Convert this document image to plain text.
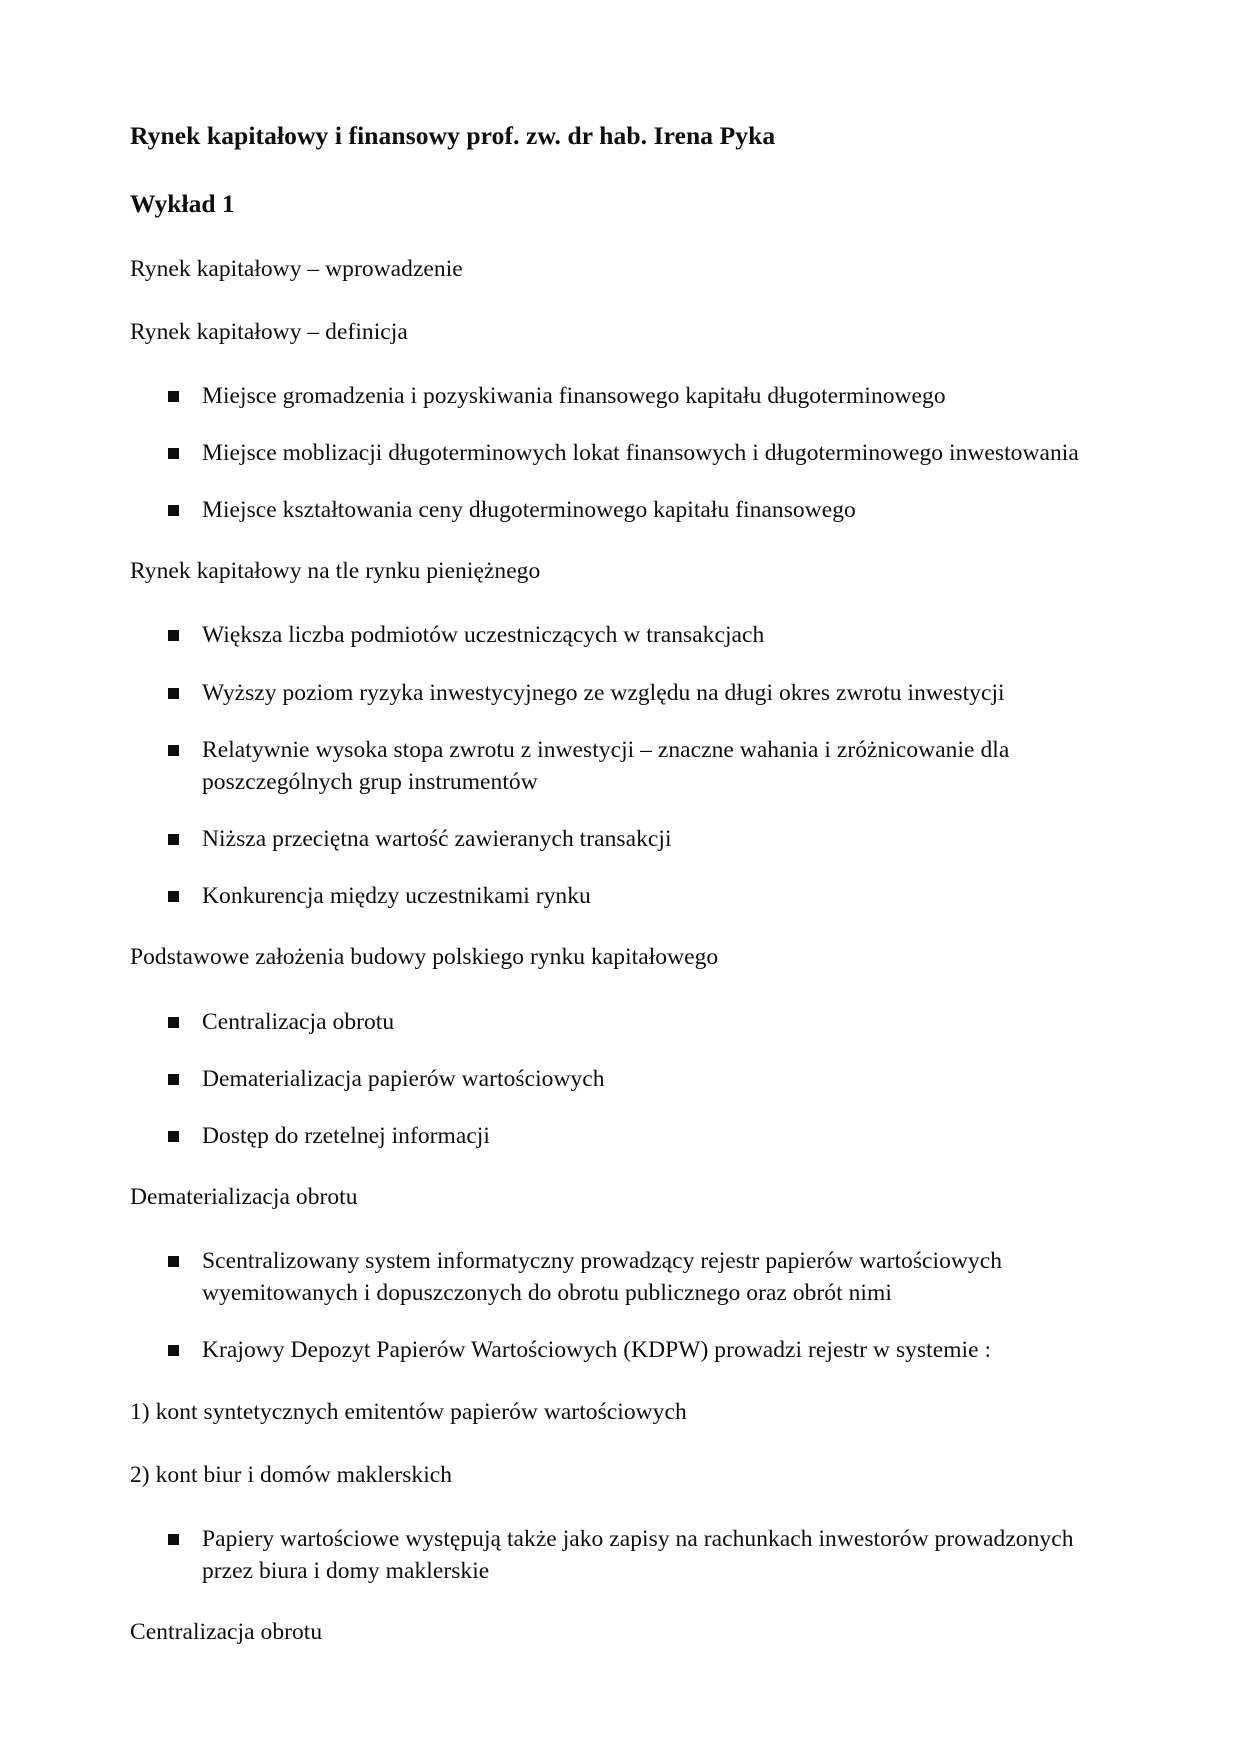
Rynek kapitałowy i finansowy prof. zw. dr hab. Irena Pyka
Wykład 1

Rynek kapitałowy – wprowadzenie

Rynek kapitałowy – definicja

Miejsce gromadzenia i pozyskiwania finansowego kapitału długoterminowego
Miejsce moblizacji długoterminowych lokat finansowych i długoterminowego inwestowania
Miejsce kształtowania ceny długoterminowego kapitału finansowego

Rynek kapitałowy na tle rynku pieniężnego

Większa liczba podmiotów uczestniczących w transakcjach
Wyższy poziom ryzyka inwestycyjnego ze względu na długi okres zwrotu inwestycji
Relatywnie wysoka stopa zwrotu z inwestycji – znaczne wahania i zróżnicowanie dla poszczególnych grup instrumentów
Niższa przeciętna wartość zawieranych transakcji
Konkurencja między uczestnikami rynku

Podstawowe założenia budowy polskiego rynku kapitałowego

Centralizacja obrotu
Dematerializacja papierów wartościowych
Dostęp do rzetelnej informacji

Dematerializacja obrotu

Scentralizowany system informatyczny prowadzący rejestr papierów wartościowych wyemitowanych i dopuszczonych do obrotu publicznego oraz obrót nimi
Krajowy Depozyt Papierów Wartościowych (KDPW) prowadzi rejestr w systemie :

1) kont syntetycznych emitentów papierów wartościowych

2) kont biur i domów maklerskich

Papiery wartościowe występują także jako zapisy na rachunkach inwestorów prowadzonych przez biura i domy maklerskie

Centralizacja obrotu
